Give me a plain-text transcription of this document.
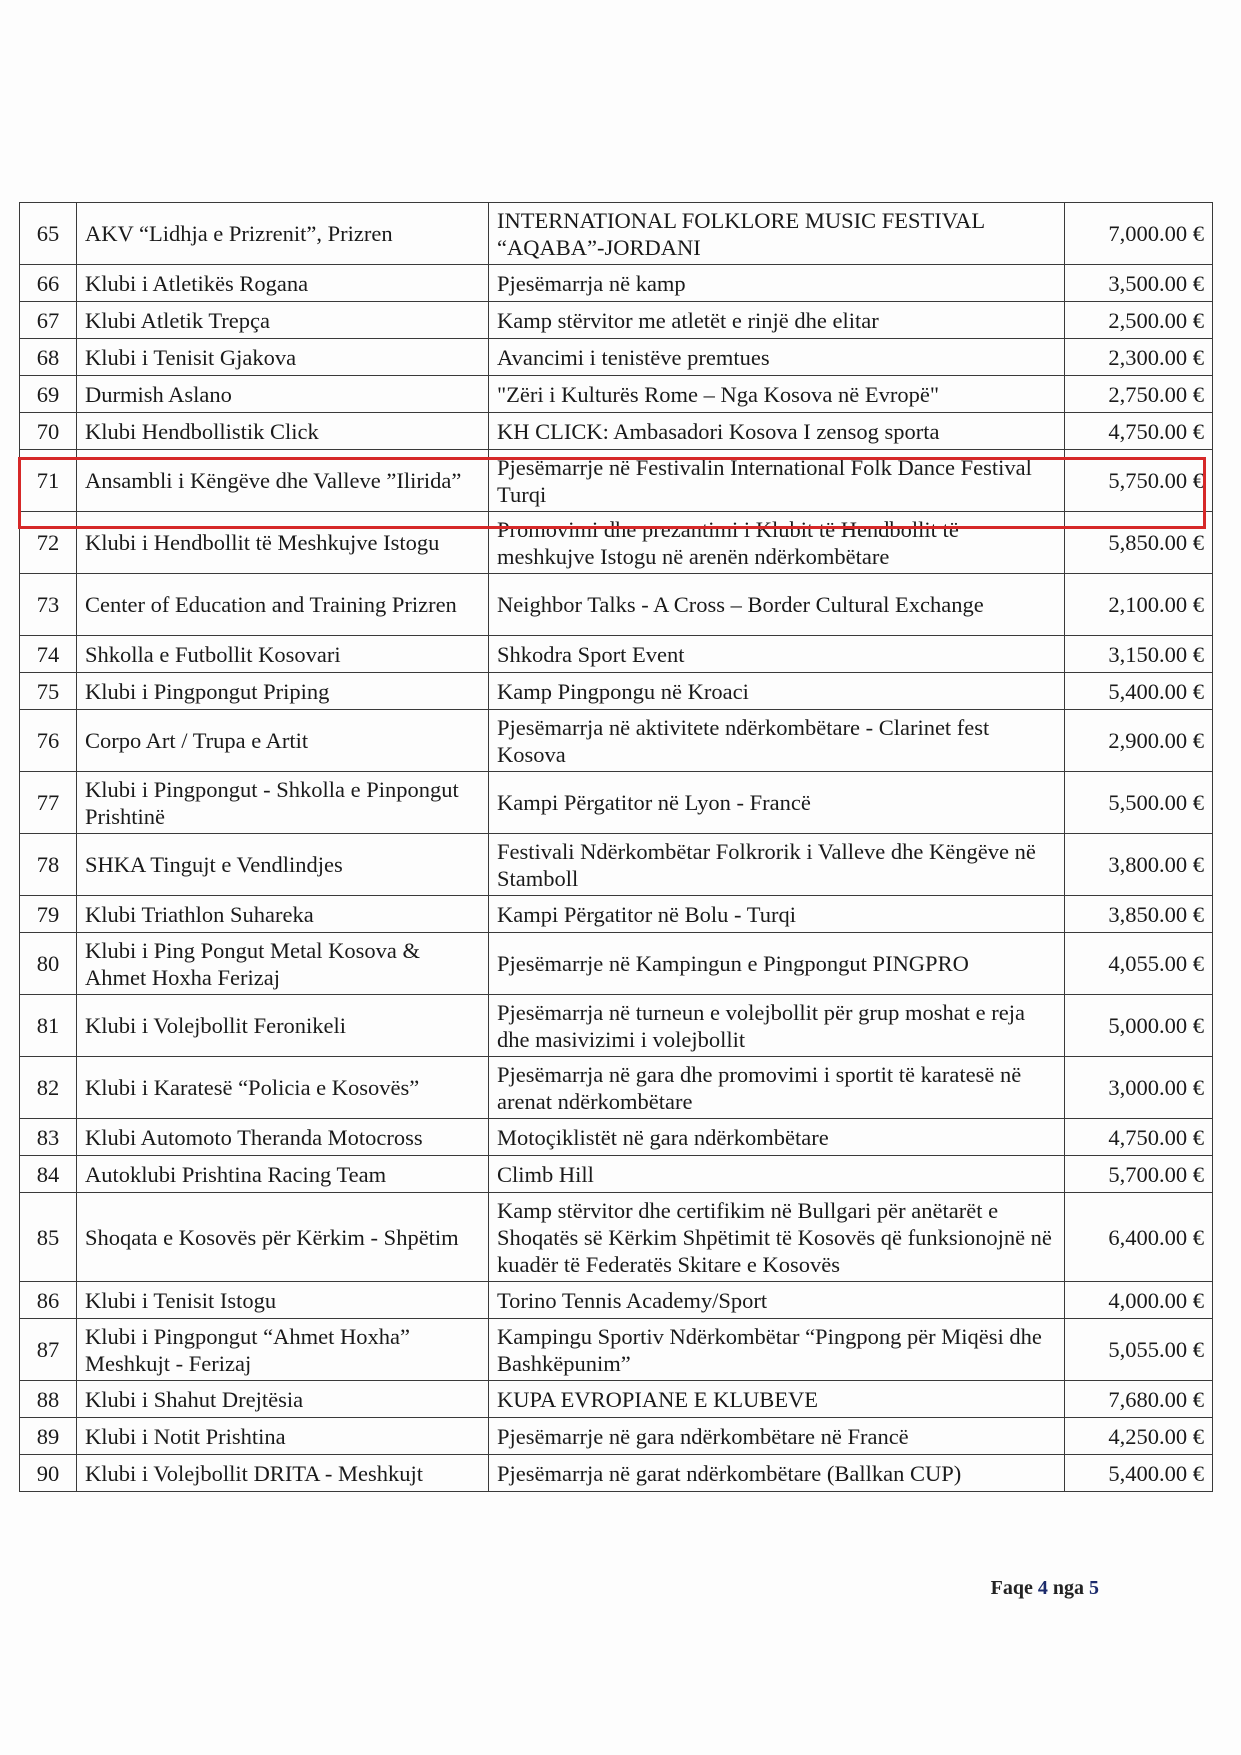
65	AKV “Lidhja e Prizrenit”, Prizren	INTERNATIONAL FOLKLORE MUSIC FESTIVAL “AQABA”-JORDANI	7,000.00 €
66	Klubi i Atletikës Rogana	Pjesëmarrja në kamp	3,500.00 €
67	Klubi Atletik Trepça	Kamp stërvitor me atletët e rinjë dhe elitar	2,500.00 €
68	Klubi i Tenisit Gjakova	Avancimi i tenistëve premtues	2,300.00 €
69	Durmish Aslano	"Zëri i Kulturës Rome – Nga Kosova në Evropë"	2,750.00 €
70	Klubi Hendbollistik Click	KH CLICK: Ambasadori Kosova I zensog sporta	4,750.00 €
71	Ansambli i Këngëve dhe Valleve ”Ilirida”	Pjesëmarrje në Festivalin International Folk Dance Festival Turqi	5,750.00 €
72	Klubi i Hendbollit të Meshkujve Istogu	Promovimi dhe prezantimi i Klubit të Hendbollit të meshkujve Istogu në arenën ndërkombëtare	5,850.00 €
73	Center of Education and Training Prizren	Neighbor Talks - A Cross – Border Cultural Exchange	2,100.00 €
74	Shkolla e Futbollit Kosovari	Shkodra Sport Event	3,150.00 €
75	Klubi i Pingpongut Priping	Kamp Pingpongu në Kroaci	5,400.00 €
76	Corpo Art / Trupa e Artit	Pjesëmarrja në aktivitete ndërkombëtare - Clarinet fest Kosova	2,900.00 €
77	Klubi i Pingpongut - Shkolla e Pinpongut Prishtinë	Kampi Përgatitor në Lyon - Francë	5,500.00 €
78	SHKA Tingujt e Vendlindjes	Festivali Ndërkombëtar Folkrorik i Valleve dhe Këngëve në Stamboll	3,800.00 €
79	Klubi Triathlon Suhareka	Kampi Përgatitor në Bolu - Turqi	3,850.00 €
80	Klubi i Ping Pongut Metal Kosova & Ahmet Hoxha Ferizaj	Pjesëmarrje në Kampingun e Pingpongut PINGPRO	4,055.00 €
81	Klubi i Volejbollit Feronikeli	Pjesëmarrja në turneun e volejbollit për grup moshat e reja dhe masivizimi i volejbollit	5,000.00 €
82	Klubi i Karatesë “Policia e Kosovës”	Pjesëmarrja në gara dhe promovimi i sportit të karatesë në arenat ndërkombëtare	3,000.00 €
83	Klubi Automoto Theranda Motocross	Motoçiklistët në gara ndërkombëtare	4,750.00 €
84	Autoklubi Prishtina Racing Team	Climb Hill	5,700.00 €
85	Shoqata e Kosovës për Kërkim - Shpëtim	Kamp stërvitor dhe certifikim në Bullgari për anëtarët e Shoqatës së Kërkim Shpëtimit të Kosovës që funksionojnë në kuadër të Federatës Skitare e Kosovës	6,400.00 €
86	Klubi i Tenisit Istogu	Torino Tennis Academy/Sport	4,000.00 €
87	Klubi i Pingpongut “Ahmet Hoxha” Meshkujt - Ferizaj	Kampingu Sportiv Ndërkombëtar “Pingpong për Miqësi dhe Bashkëpunim”	5,055.00 €
88	Klubi i Shahut Drejtësia	KUPA EVROPIANE E KLUBEVE	7,680.00 €
89	Klubi i Notit Prishtina	Pjesëmarrje në gara ndërkombëtare në Francë	4,250.00 €
90	Klubi i Volejbollit DRITA - Meshkujt	Pjesëmarrja në garat ndërkombëtare (Ballkan CUP)	5,400.00 €
Faqe 4 nga 5
